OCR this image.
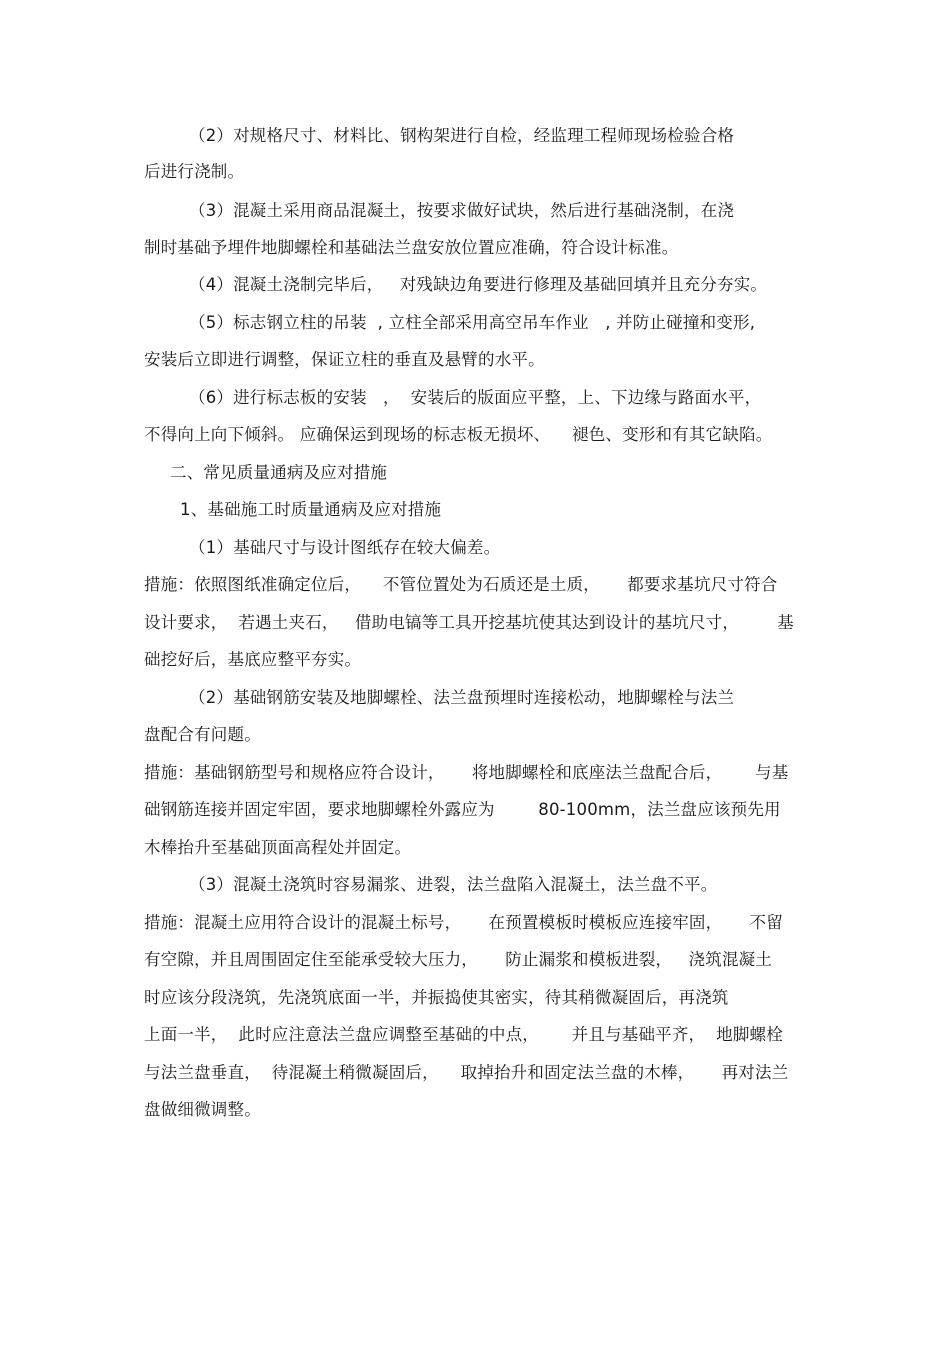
（2）对规格尺寸、材料比、钢构架进行自检，经监理工程师现场检验合格
后进行浇制。
（3）混凝土采用商品混凝土，按要求做好试块，然后进行基础浇制，在浇
制时基础予埋件地脚螺栓和基础法兰盘安放位置应准确，符合设计标准。
（4）混凝土浇制完毕后，   对残缺边角要进行修理及基础回填并且充分夯实。
（5）标志钢立柱的吊装  , 立柱全部采用高空吊车作业   , 并防止碰撞和变形,
安装后立即进行调整，保证立柱的垂直及悬臂的水平。
（6）进行标志板的安装   ，  安装后的版面应平整，上、下边缘与路面水平，
不得向上向下倾斜。 应确保运到现场的标志板无损坏、    褪色、变形和有其它缺陷。
二、常见质量通病及应对措施
1、基础施工时质量通病及应对措施
（1）基础尺寸与设计图纸存在较大偏差。
措施：依照图纸准确定位后，    不管位置处为石质还是土质，     都要求基坑尺寸符合
设计要求，  若遇土夹石，   借助电镐等工具开挖基坑使其达到设计的基坑尺寸，       基
础挖好后，基底应整平夯实。
（2）基础钢筋安装及地脚螺栓、法兰盘预埋时连接松动，地脚螺栓与法兰
盘配合有问题。
措施：基础钢筋型号和规格应符合设计，     将地脚螺栓和底座法兰盘配合后，      与基
础钢筋连接并固定牢固，要求地脚螺栓外露应为        80-100mm，法兰盘应该预先用
木棒抬升至基础顶面高程处并固定。
（3）混凝土浇筑时容易漏浆、进裂，法兰盘陷入混凝土，法兰盘不平。
措施：混凝土应用符合设计的混凝土标号，     在预置模板时模板应连接牢固，     不留
有空隙，并且周围固定住至能承受较大压力，     防止漏浆和模板进裂，   浇筑混凝土
时应该分段浇筑，先浇筑底面一半，并振捣使其密实，待其稍微凝固后，再浇筑
上面一半，  此时应注意法兰盘应调整至基础的中点，      并且与基础平齐，  地脚螺栓
与法兰盘垂直，  待混凝土稍微凝固后，    取掉抬升和固定法兰盘的木棒，     再对法兰
盘做细微调整。
